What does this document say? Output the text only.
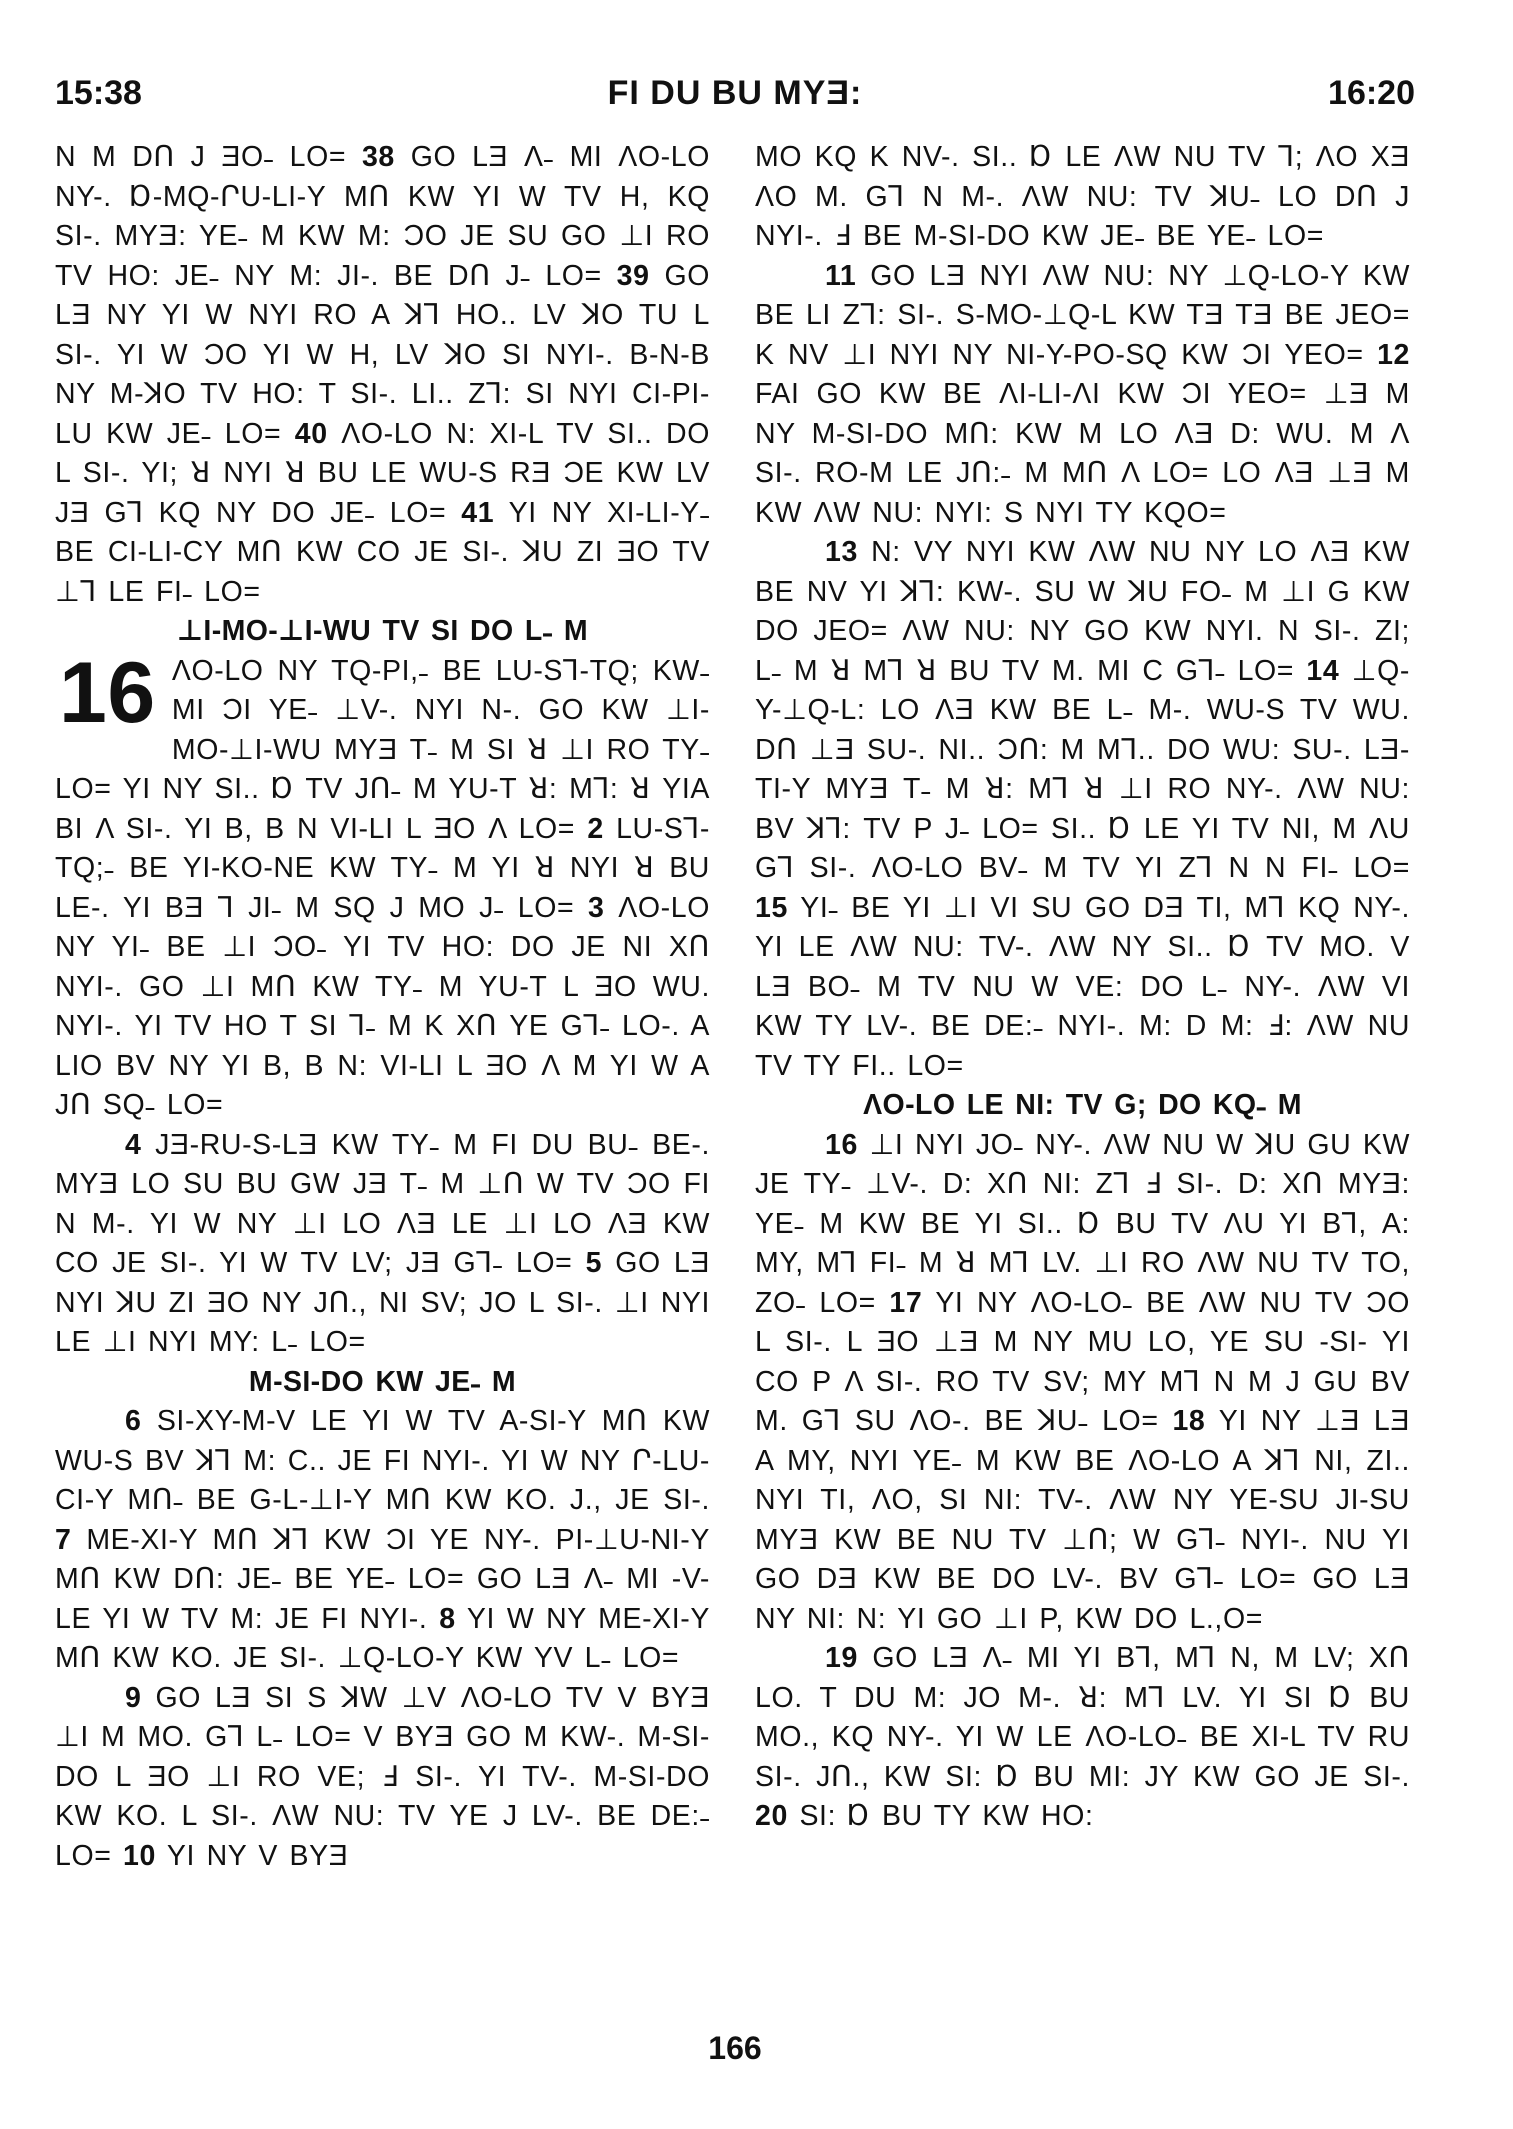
15:38	FI DU BU MYƎ:	16:20

N M DՈ J ƎO˗ LO= 38 GO LƎ Λ˗ MI ɅO-LO NY-. Ɒ-MQ-ՐU-LI-Y MՈ KW YI W TV H, KQ SI-. MYƎ: YE˗ M KW M: ƆO JE SU GO ⊥I RO TV HO: JE˗ NY M: JI-. BE DՈ J˗ LO= 39 GO LƎ NY YI W NYI RO A ꓘꓶ HO.. LV ꓘO TU L SI-. YI W ƆO YI W H, LV ꓘO SI NYI-. B-N-B NY M-ꓘO TV HO: T SI-. LI.. Zꓶ: SI NYI CI-PI-LU KW JE˗ LO= 40 ɅO-LO N: XI-L TV SI.. DO L SI-. YI; ꓤ NYI ꓤ BU LE WU-S RƎ ƆE KW LV JƎ Gꓶ KQ NY DO JE˗ LO= 41 YI NY XI-LI-Y˗ BE CI-LI-CY MՈ KW CO JE SI-. ꓘU ZI ƎO TV ⊥ꓶ LE FI˗ LO=

⊥I-MO-⊥I-WU TV SI DO L˗ M

16 ɅO-LO NY TQ-PI,˗ BE LU-Sꓶ-TQ; KW˗ MI ƆI YE˗ ⊥V-. NYI N-. GO KW ⊥I-MO-⊥I-WU MYƎ T˗ M SI ꓤ ⊥I RO TY˗ LO= YI NY SI.. Ɒ TV JՈ˗ M YU-T ꓤ: Mꓶ: ꓤ YIA BI Λ SI-. YI B, B N VI-LI L ƎO Λ LO= 2 LU-Sꓶ-TQ;˗ BE YI-KO-NE KW TY˗ M YI ꓤ NYI ꓤ BU LE-. YI BƎ ꓶ JI˗ M SQ J MO J˗ LO= 3 ɅO-LO NY YI˗ BE ⊥I ƆO˗ YI TV HO: DO JE NI XՈ NYI-. GO ⊥I MՈ KW TY˗ M YU-T L ƎO WU. NYI-. YI TV HO T SI ꓶ˗ M K XՈ YE Gꓶ˗ LO-. A LIO BV NY YI B, B N: VI-LI L ƎO Λ M YI W A JՈ SQ˗ LO=

4 JƎ-RU-S-LƎ KW TY˗ M FI DU BU˗ BE-. MYƎ LO SU BU GW JƎ T˗ M ⊥Ո W TV ƆO FI N M-. YI W NY ⊥I LO ɅƎ LE ⊥I LO ɅƎ KW CO JE SI-. YI W TV LV; JƎ Gꓶ˗ LO= 5 GO LƎ NYI ꓘU ZI ƎO NY JՈ., NI SV; JO L SI-. ⊥I NYI LE ⊥I NYI MY: L˗ LO=

M-SI-DO KW JE˗ M

6 SI-XY-M-V LE YI W TV A-SI-Y MՈ KW WU-S BV ꓘꓶ M: C.. JE FI NYI-. YI W NY Ր-LU-CI-Y MՈ˗ BE G-L-⊥I-Y MՈ KW KO. J., JE SI-. 7 ME-XI-Y MՈ ꓘꓶ KW ƆI YE NY-. PI-⊥U-NI-Y MՈ KW DՈ: JE˗ BE YE˗ LO= GO LƎ Λ˗ MI -V- LE YI W TV M: JE FI NYI-. 8 YI W NY ME-XI-Y MՈ KW KO. JE SI-. ⊥Q-LO-Y KW YV L˗ LO=

9 GO LƎ SI S ꓘW ⊥V ɅO-LO TV V BYƎ ⊥I M MO. Gꓶ L˗ LO= V BYƎ GO M KW-. M-SI-DO L ƎO ⊥I RO VE; Ⅎ SI-. YI TV-. M-SI-DO KW KO. L SI-. ΛW NU: TV YE J LV-. BE DE:˗ LO= 10 YI NY V BYƎ

MO KQ K NV-. SI.. Ɒ LE ΛW NU TV ꓶ; ΛO XƎ ΛO M. Gꓶ N M-. ΛW NU: TV ꓘU˗ LO DՈ J NYI-. Ⅎ BE M-SI-DO KW JE˗ BE YE˗ LO=

11 GO LƎ NYI ΛW NU: NY ⊥Q-LO-Y KW BE LI Zꓶ: SI-. S-MO-⊥Q-L KW TƎ TƎ BE JEO= K NV ⊥I NYI NY NI-Y-PO-SQ KW ƆI YEO= 12 FAI GO KW BE ɅI-LI-ɅI KW ƆI YEO= ⊥Ǝ M NY M-SI-DO MՈ: KW M LO ɅƎ D: WU. M Λ SI-. RO-M LE JՈ:˗ M MՈ Λ LO= LO ɅƎ ⊥Ǝ M KW ΛW NU: NYI: S NYI TY KQO=

13 N: VY NYI KW ΛW NU NY LO ɅƎ KW BE NV YI ꓘꓶ: KW-. SU W ꓘU FO˗ M ⊥I G KW DO JEO= ΛW NU: NY GO KW NYI. N SI-. ZI; L˗ M ꓤ Mꓶ ꓤ BU TV M. MI C Gꓶ˗ LO= 14 ⊥Q-Y-⊥Q-L: LO ɅƎ KW BE L˗ M-. WU-S TV WU. DՈ ⊥Ǝ SU-. NI.. ƆՈ: M Mꓶ.. DO WU: SU-. LƎ-TI-Y MYƎ T˗ M ꓤ: Mꓶ ꓤ ⊥I RO NY-. ΛW NU: BV ꓘꓶ: TV P J˗ LO= SI.. Ɒ LE YI TV NI, M ɅU Gꓶ SI-. ɅO-LO BV˗ M TV YI Zꓶ N N FI˗ LO= 15 YI˗ BE YI ⊥I VI SU GO DƎ TI, Mꓶ KQ NY-. YI LE ΛW NU: TV-. ΛW NY SI.. Ɒ TV MO. V LƎ BO˗ M TV NU W VE: DO L˗ NY-. ΛW VI KW TY LV-. BE DE:˗ NYI-. M: D M: Ⅎ: ΛW NU TV TY FI.. LO=

ɅO-LO LE NI: TV G; DO KQ˗ M

16 ⊥I NYI JO˗ NY-. ΛW NU W ꓘU GU KW JE TY˗ ⊥V-. D: XՈ NI: Zꓶ Ⅎ SI-. D: XՈ MYƎ: YE˗ M KW BE YI SI.. Ɒ BU TV ɅU YI Bꓶ, A: MY, Mꓶ FI˗ M ꓤ Mꓶ LV. ⊥I RO ΛW NU TV TO, ZO˗ LO= 17 YI NY ɅO-LO˗ BE ΛW NU TV ƆO L SI-. L ƎO ⊥Ǝ M NY MU LO, YE SU -SI- YI CO P Λ SI-. RO TV SV; MY Mꓶ N M J GU BV M. Gꓶ SU ΛO-. BE ꓘU˗ LO= 18 YI NY ⊥Ǝ LƎ A MY, NYI YE˗ M KW BE ɅO-LO A ꓘꓶ NI, ZI.. NYI TI, ɅO, SI NI: TV-. ΛW NY YE-SU JI-SU MYƎ KW BE NU TV ⊥Ո; W Gꓶ˗ NYI-. NU YI GO DƎ KW BE DO LV-. BV Gꓶ˗ LO= GO LƎ NY NI: N: YI GO ⊥I P, KW DO L.,O=

19 GO LƎ Λ˗ MI YI Bꓶ, Mꓶ N, M LV; XՈ LO. T DU M: JO M-. ꓤ: Mꓶ LV. YI SI Ɒ BU MO., KQ NY-. YI W LE ɅO-LO˗ BE XI-L TV RU SI-. JՈ., KW SI: Ɒ BU MI: JY KW GO JE SI-. 20 SI: Ɒ BU TY KW HO:

166
